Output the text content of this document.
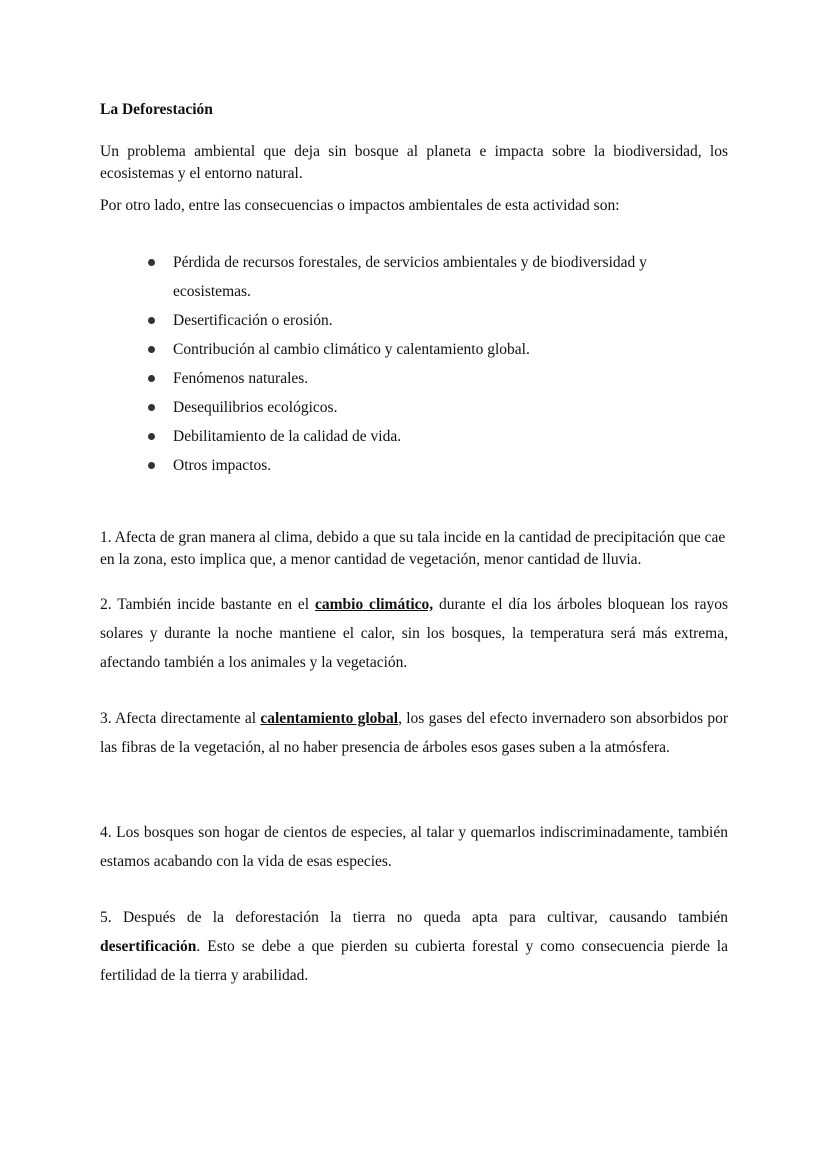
La Deforestación

Un problema ambiental que deja sin bosque al planeta e impacta sobre la biodiversidad, los ecosistemas y el entorno natural.

Por otro lado, entre las consecuencias o impactos ambientales de esta actividad son:

Pérdida de recursos forestales, de servicios ambientales y de biodiversidad y ecosistemas.
Desertificación o erosión.
Contribución al cambio climático y calentamiento global.
Fenómenos naturales.
Desequilibrios ecológicos.
Debilitamiento de la calidad de vida.
Otros impactos.

1. Afecta de gran manera al clima, debido a que su tala incide en la cantidad de precipitación que cae en la zona, esto implica que, a menor cantidad de vegetación, menor cantidad de lluvia.

2. También incide bastante en el cambio climático, durante el día los árboles bloquean los rayos solares y durante la noche mantiene el calor, sin los bosques, la temperatura será más extrema, afectando también a los animales y la vegetación.

3. Afecta directamente al calentamiento global, los gases del efecto invernadero son absorbidos por las fibras de la vegetación, al no haber presencia de árboles esos gases suben a la atmósfera.

4. Los bosques son hogar de cientos de especies, al talar y quemarlos indiscriminadamente, también estamos acabando con la vida de esas especies.

5. Después de la deforestación la tierra no queda apta para cultivar, causando también desertificación. Esto se debe a que pierden su cubierta forestal y como consecuencia pierde la fertilidad de la tierra y arabilidad.
